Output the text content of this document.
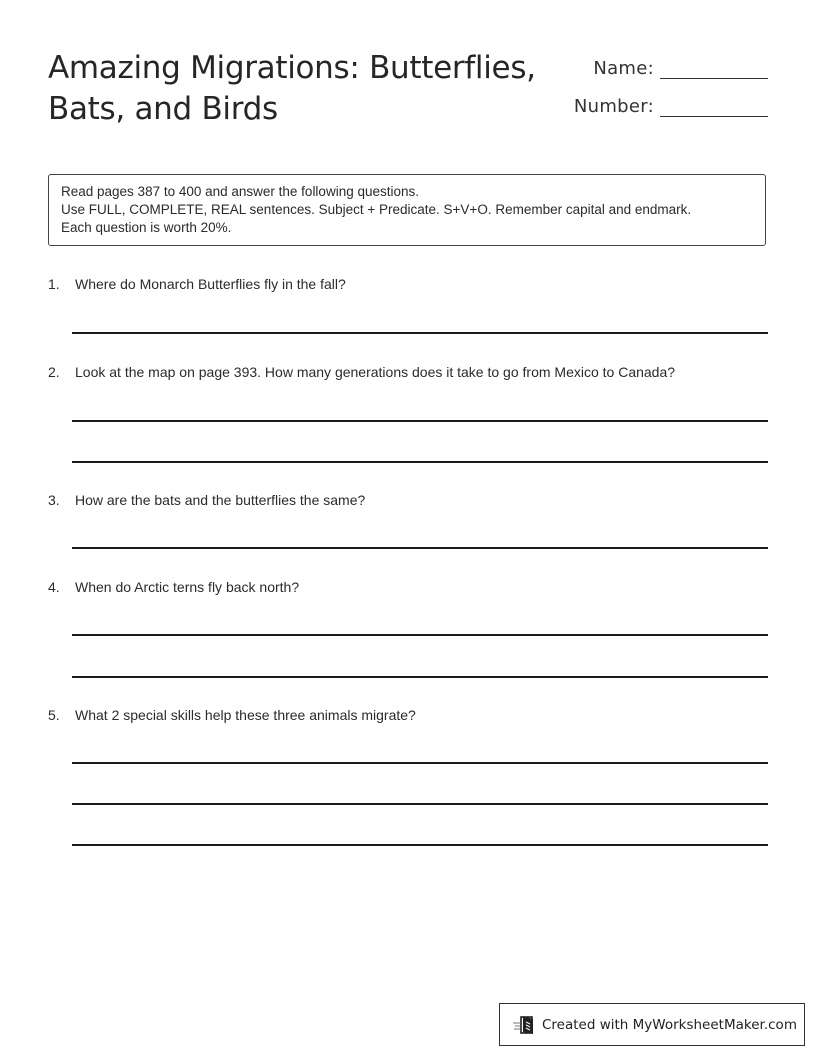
Amazing Migrations: Butterflies,
Bats, and Birds
Name:
Number:
Read pages 387 to 400 and answer the following questions.
Use FULL, COMPLETE, REAL sentences. Subject + Predicate. S+V+O. Remember capital and endmark.
Each question is worth 20%.
1. Where do Monarch Butterflies fly in the fall?
2. Look at the map on page 393. How many generations does it take to go from Mexico to Canada?
3. How are the bats and the butterflies the same?
4. When do Arctic terns fly back north?
5. What 2 special skills help these three animals migrate?
Created with MyWorksheetMaker.com
